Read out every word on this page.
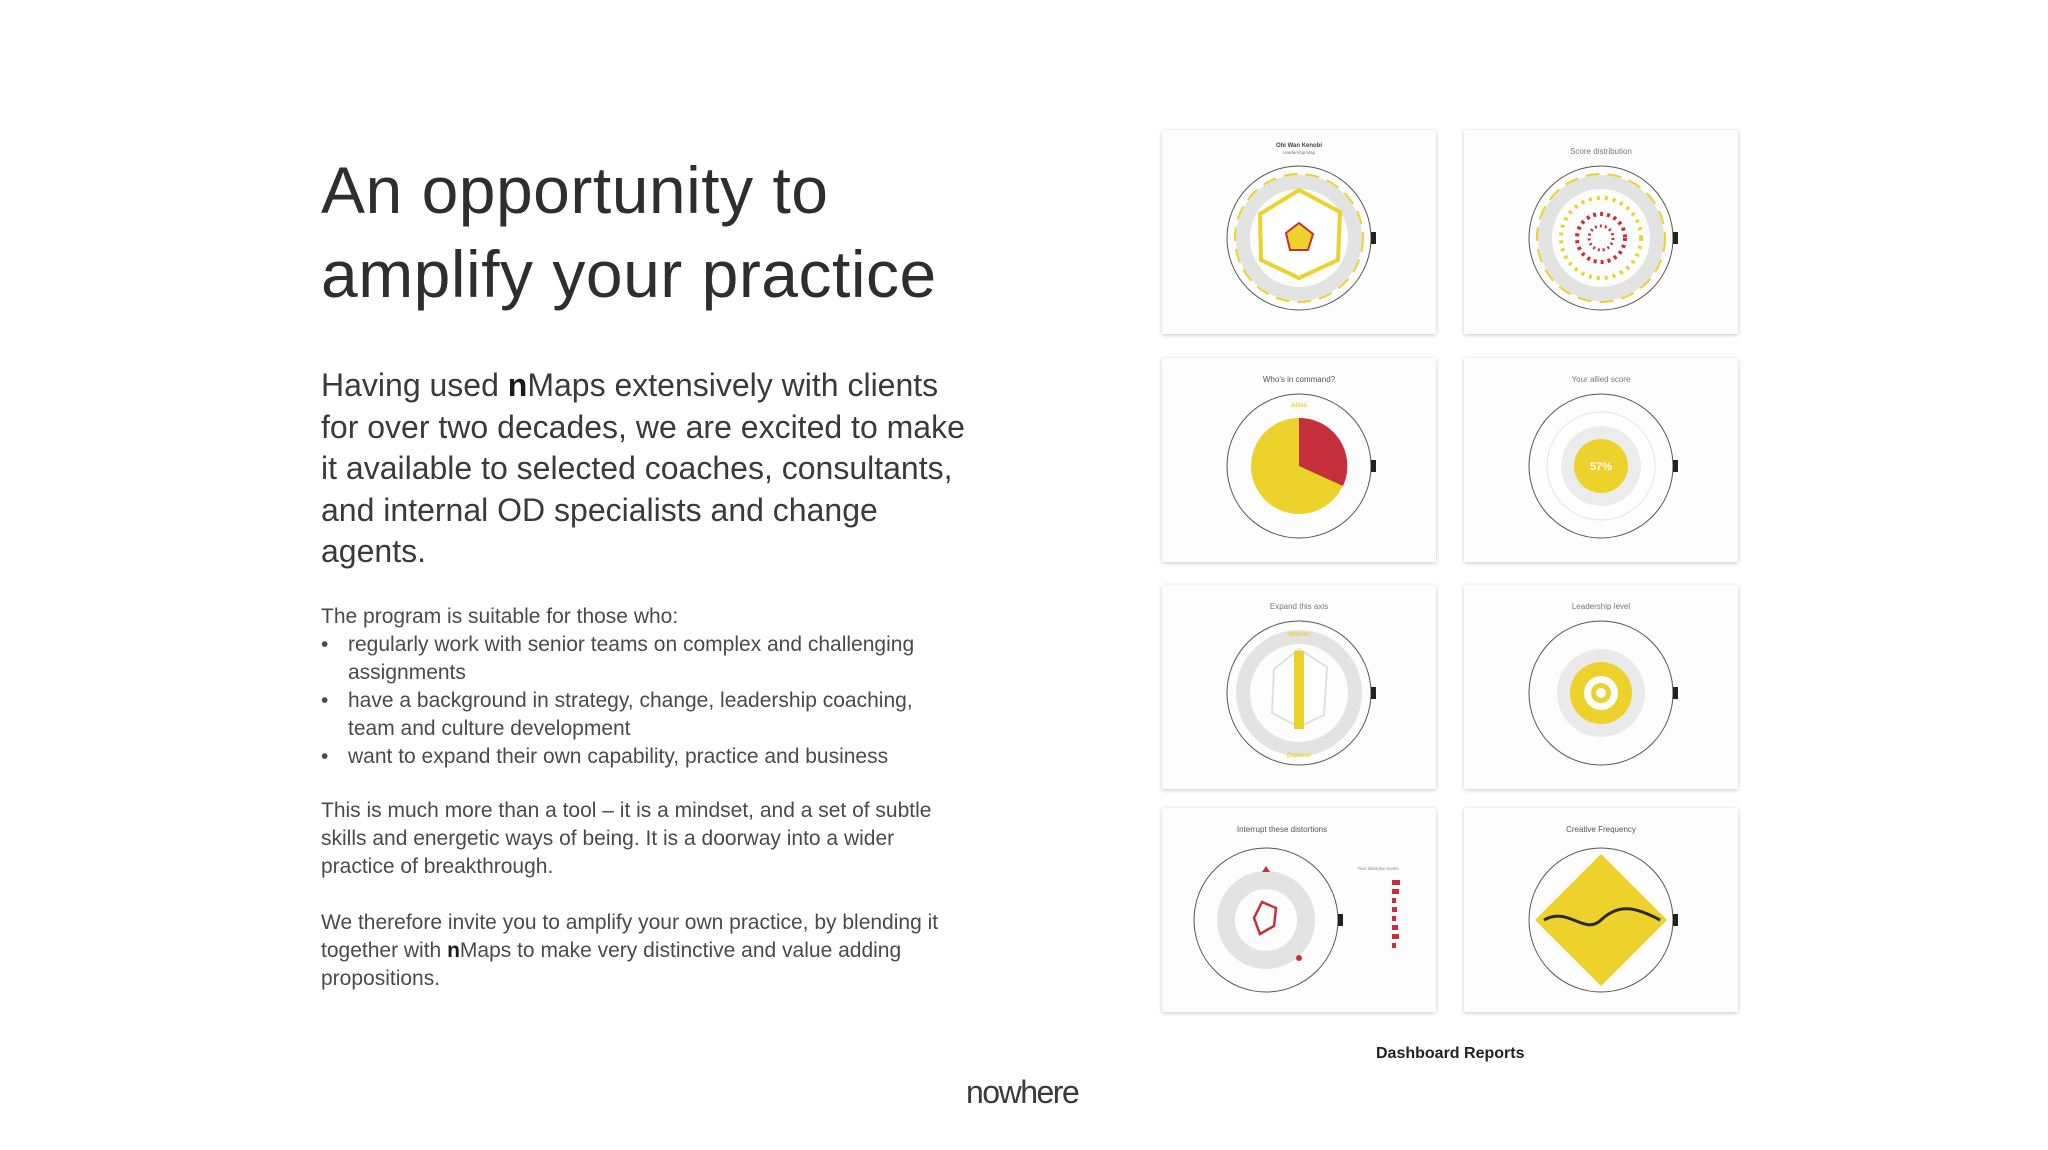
An opportunity to
amplify your practice

Having used nMaps extensively with clients for over two decades, we are excited to make it available to selected coaches, consultants, and internal OD specialists and change agents.

The program is suitable for those who:

• regularly work with senior teams on complex and challenging assignments
• have a background in strategy, change, leadership coaching, team and culture development
• want to expand their own capability, practice and business

This is much more than a tool – it is a mindset, and a set of subtle skills and energetic ways of being. It is a doorway into a wider practice of breakthrough.

We therefore invite you to amplify your own practice, by blending it together with nMaps to make very distinctive and value adding propositions.

Ohi Wan Kenobi
Leadership Map	Score distribution
Who's in command?
Allies
Your allied score
57%
Expand this axis
Warrior
Explorer
Leadership level
Interrupt these distortions
Your distortion levels
Creative Frequency
Dashboard Reports
nowhere
